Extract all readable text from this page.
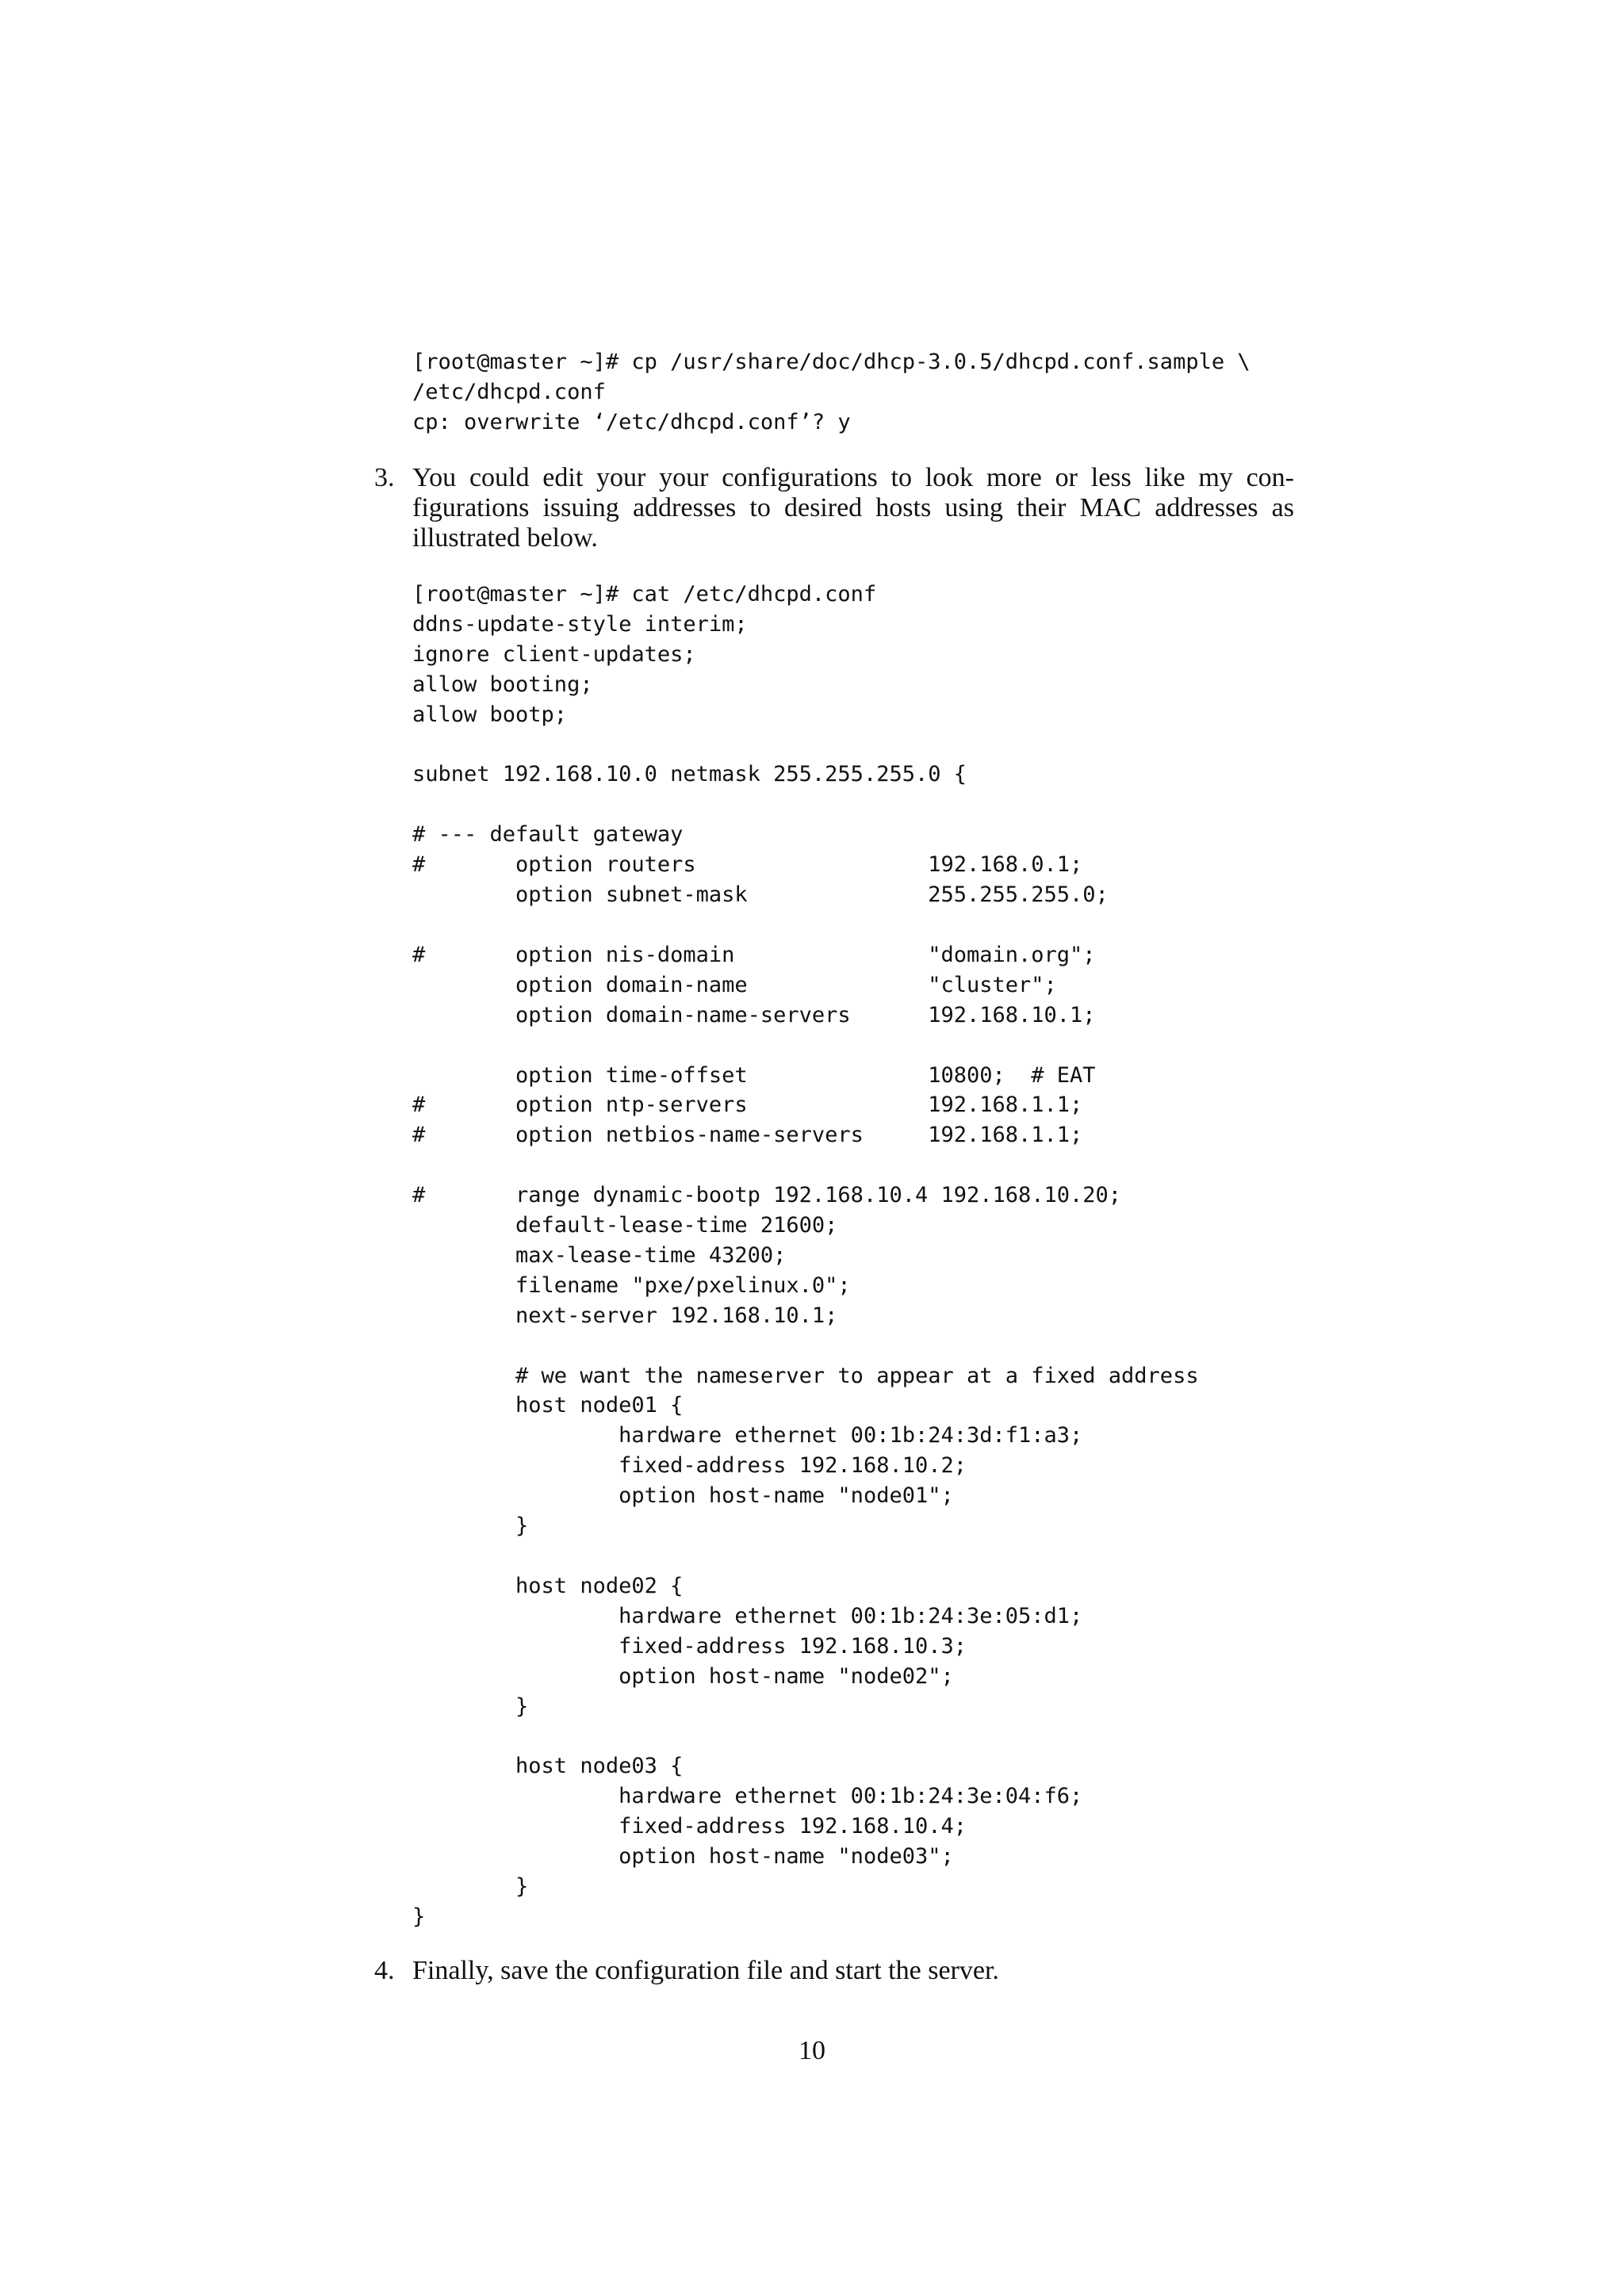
[root@master ~]# cp /usr/share/doc/dhcp-3.0.5/dhcpd.conf.sample \
/etc/dhcpd.conf
cp: overwrite ‘/etc/dhcpd.conf’? y
3. You could edit your your configurations to look more or less like my configurations issuing addresses to desired hosts using their MAC addresses as illustrated below.
[root@master ~]# cat /etc/dhcpd.conf
ddns-update-style interim;
ignore client-updates;
allow booting;
allow bootp;

subnet 192.168.10.0 netmask 255.255.255.0 {

# --- default gateway
#       option routers                  192.168.0.1;
option subnet-mask              255.255.255.0;

#       option nis-domain               "domain.org";
option domain-name              "cluster";
option domain-name-servers      192.168.10.1;

option time-offset              10800;  # EAT
#       option ntp-servers              192.168.1.1;
#       option netbios-name-servers     192.168.1.1;

#       range dynamic-bootp 192.168.10.4 192.168.10.20;
default-lease-time 21600;
max-lease-time 43200;
filename "pxe/pxelinux.0";
next-server 192.168.10.1;

# we want the nameserver to appear at a fixed address
host node01 {
hardware ethernet 00:1b:24:3d:f1:a3;
fixed-address 192.168.10.2;
option host-name "node01";
}

host node02 {
hardware ethernet 00:1b:24:3e:05:d1;
fixed-address 192.168.10.3;
option host-name "node02";
}

host node03 {
hardware ethernet 00:1b:24:3e:04:f6;
fixed-address 192.168.10.4;
option host-name "node03";
}
}
4. Finally, save the configuration file and start the server.
10
